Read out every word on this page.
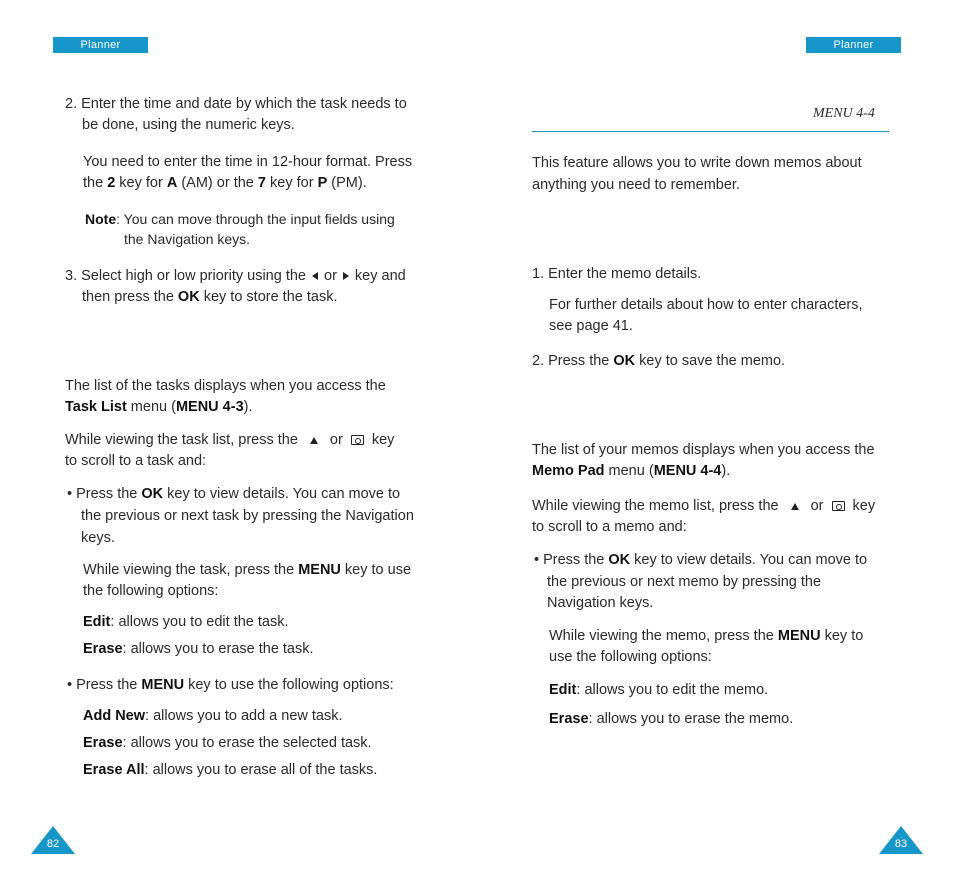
Planner	Planner
2. Enter the time and date by which the task needs to
be done, using the numeric keys.
You need to enter the time in 12-hour format. Press
the 2 key for A (AM) or the 7 key for P (PM).
Note: You can move through the input fields using
the Navigation keys.
3. Select high or low priority using the or key and
then press the OK key to store the task.
The list of the tasks displays when you access the
Task List menu (MENU 4-3).
While viewing the task list, press the or key
to scroll to a task and:
• Press the OK key to view details. You can move to
the previous or next task by pressing the Navigation
keys.
While viewing the task, press the MENU key to use
the following options:
Edit: allows you to edit the task.
Erase: allows you to erase the task.
• Press the MENU key to use the following options:
Add New: allows you to add a new task.
Erase: allows you to erase the selected task.
Erase All: allows you to erase all of the tasks.
82
MENU 4-4
This feature allows you to write down memos about
anything you need to remember.
1. Enter the memo details.
For further details about how to enter characters,
see page 41.
2. Press the OK key to save the memo.
The list of your memos displays when you access the
Memo Pad menu (MENU 4-4).
While viewing the memo list, press the or key
to scroll to a memo and:
• Press the OK key to view details. You can move to
the previous or next memo by pressing the
Navigation keys.
While viewing the memo, press the MENU key to
use the following options:
Edit: allows you to edit the memo.
Erase: allows you to erase the memo.
83
